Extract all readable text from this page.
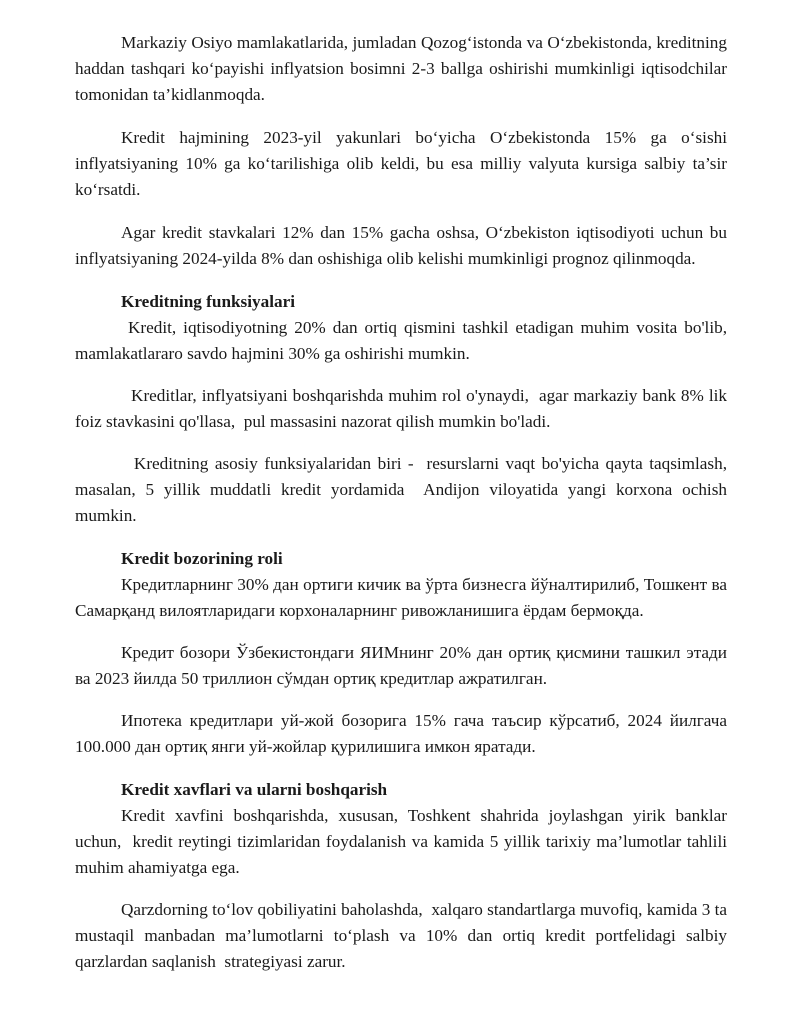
Markaziy Osiyo mamlakatlarida, jumladan Qozog‘istonda va O‘zbekistonda, kreditning haddan tashqari ko‘payishi inflyatsion bosimni 2-3 ballga oshirishi mumkinligi iqtisodchilar tomonidan ta’kidlanmoqda.

Kredit hajmining 2023-yil yakunlari bo‘yicha O‘zbekistonda 15% ga o‘sishi inflyatsiyaning 10% ga ko‘tarilishiga olib keldi, bu esa milliy valyuta kursiga salbiy ta’sir ko‘rsatdi.

Agar kredit stavkalari 12% dan 15% gacha oshsa, O‘zbekiston iqtisodiyoti uchun bu inflyatsiyaning 2024-yilda 8% dan oshishiga olib kelishi mumkinligi prognoz qilinmoqda.

Kreditning funksiyalari

Kredit, iqtisodiyotning 20% dan ortiq qismini tashkil etadigan muhim vosita bo'lib, mamlakatlararo savdo hajmini 30% ga oshirishi mumkin.

Kreditlar, inflyatsiyani boshqarishda muhim rol o'ynaydi,  agar markaziy bank 8% lik foiz stavkasini qo'llasa,  pul massasini nazorat qilish mumkin bo'ladi.

Kreditning asosiy funksiyalaridan biri -  resurslarni vaqt bo'yicha qayta taqsimlash, masalan, 5 yillik muddatli kredit yordamida  Andijon viloyatida yangi korxona ochish mumkin.

Kredit bozorining roli

Кредитларнинг 30% дан ортиги кичик ва ўрта бизнесга йўналтирилиб, Тошкент ва Самарқанд вилоятларидаги корхоналарнинг ривожланишига ёрдам бермоқда.

Кредит бозори Ўзбекистондаги ЯИМнинг 20% дан ортиқ қисмини ташкил этади ва 2023 йилда 50 триллион сўмдан ортиқ кредитлар ажратилган.

Ипотека кредитлари уй-жой бозорига 15% гача таъсир кўрсатиб, 2024 йилгача 100.000 дан ортиқ янги уй-жойлар қурилишига имкон яратади.

Kredit xavflari va ularni boshqarish

Kredit xavfini boshqarishda, xususan, Toshkent shahrida joylashgan yirik banklar uchun,  kredit reytingi tizimlaridan foydalanish va kamida 5 yillik tarixiy ma’lumotlar tahlili muhim ahamiyatga ega.

Qarzdorning to‘lov qobiliyatini baholashda,  xalqaro standartlarga muvofiq, kamida 3 ta mustaqil manbadan ma’lumotlarni to‘plash va 10% dan ortiq kredit portfelidagi salbiy qarzlardan saqlanish  strategiyasi zarur.
